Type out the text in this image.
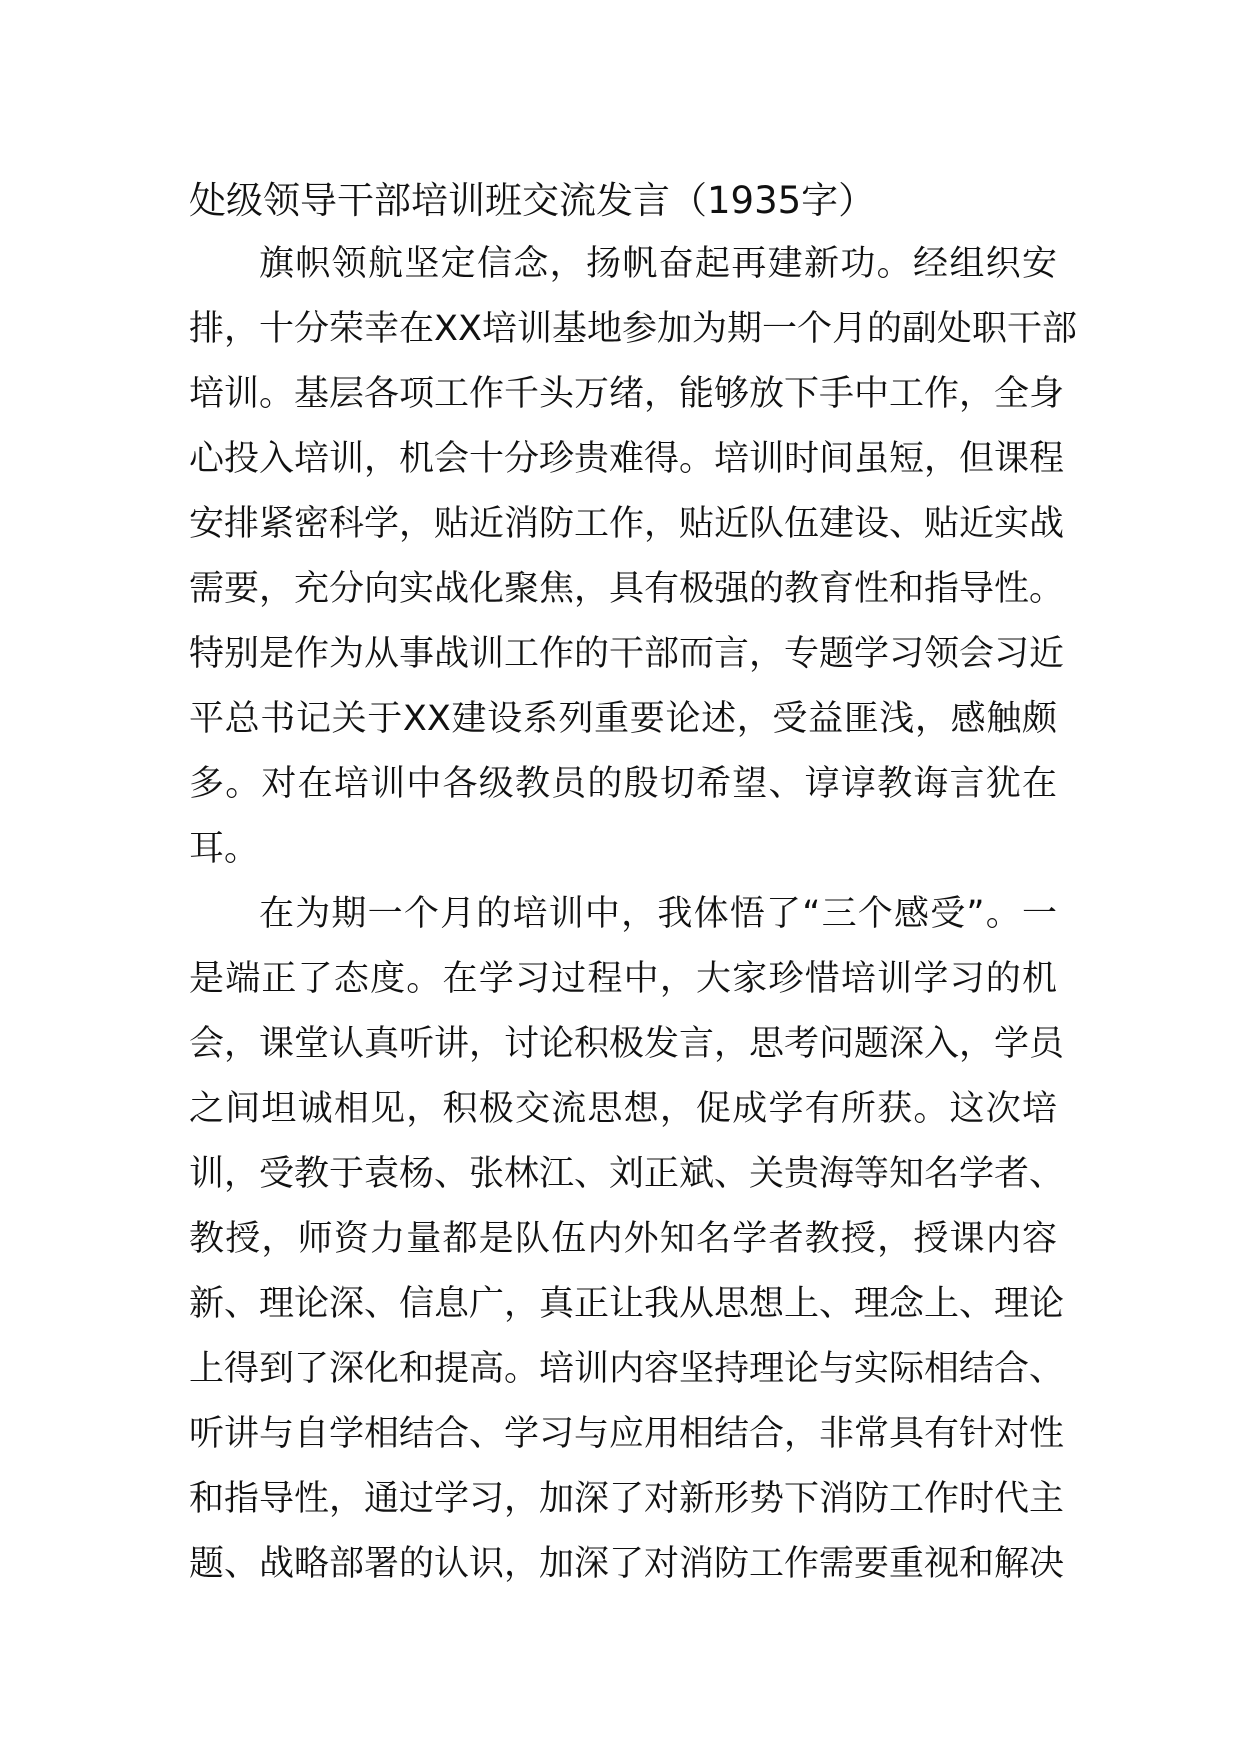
处级领导干部培训班交流发言（1935字）
旗帜领航坚定信念，扬帆奋起再建新功。经组织安
排，十分荣幸在XX培训基地参加为期一个月的副处职干部
培训。基层各项工作千头万绪，能够放下手中工作，全身
心投入培训，机会十分珍贵难得。培训时间虽短，但课程
安排紧密科学，贴近消防工作，贴近队伍建设、贴近实战
需要，充分向实战化聚焦，具有极强的教育性和指导性。
特别是作为从事战训工作的干部而言，专题学习领会习近
平总书记关于XX建设系列重要论述，受益匪浅，感触颇
多。对在培训中各级教员的殷切希望、谆谆教诲言犹在
耳。
在为期一个月的培训中，我体悟了“三个感受”。一
是端正了态度。在学习过程中，大家珍惜培训学习的机
会，课堂认真听讲，讨论积极发言，思考问题深入，学员
之间坦诚相见，积极交流思想，促成学有所获。这次培
训，受教于袁杨、张林江、刘正斌、关贵海等知名学者、
教授，师资力量都是队伍内外知名学者教授，授课内容
新、理论深、信息广，真正让我从思想上、理念上、理论
上得到了深化和提高。培训内容坚持理论与实际相结合、
听讲与自学相结合、学习与应用相结合，非常具有针对性
和指导性，通过学习，加深了对新形势下消防工作时代主
题、战略部署的认识，加深了对消防工作需要重视和解决
